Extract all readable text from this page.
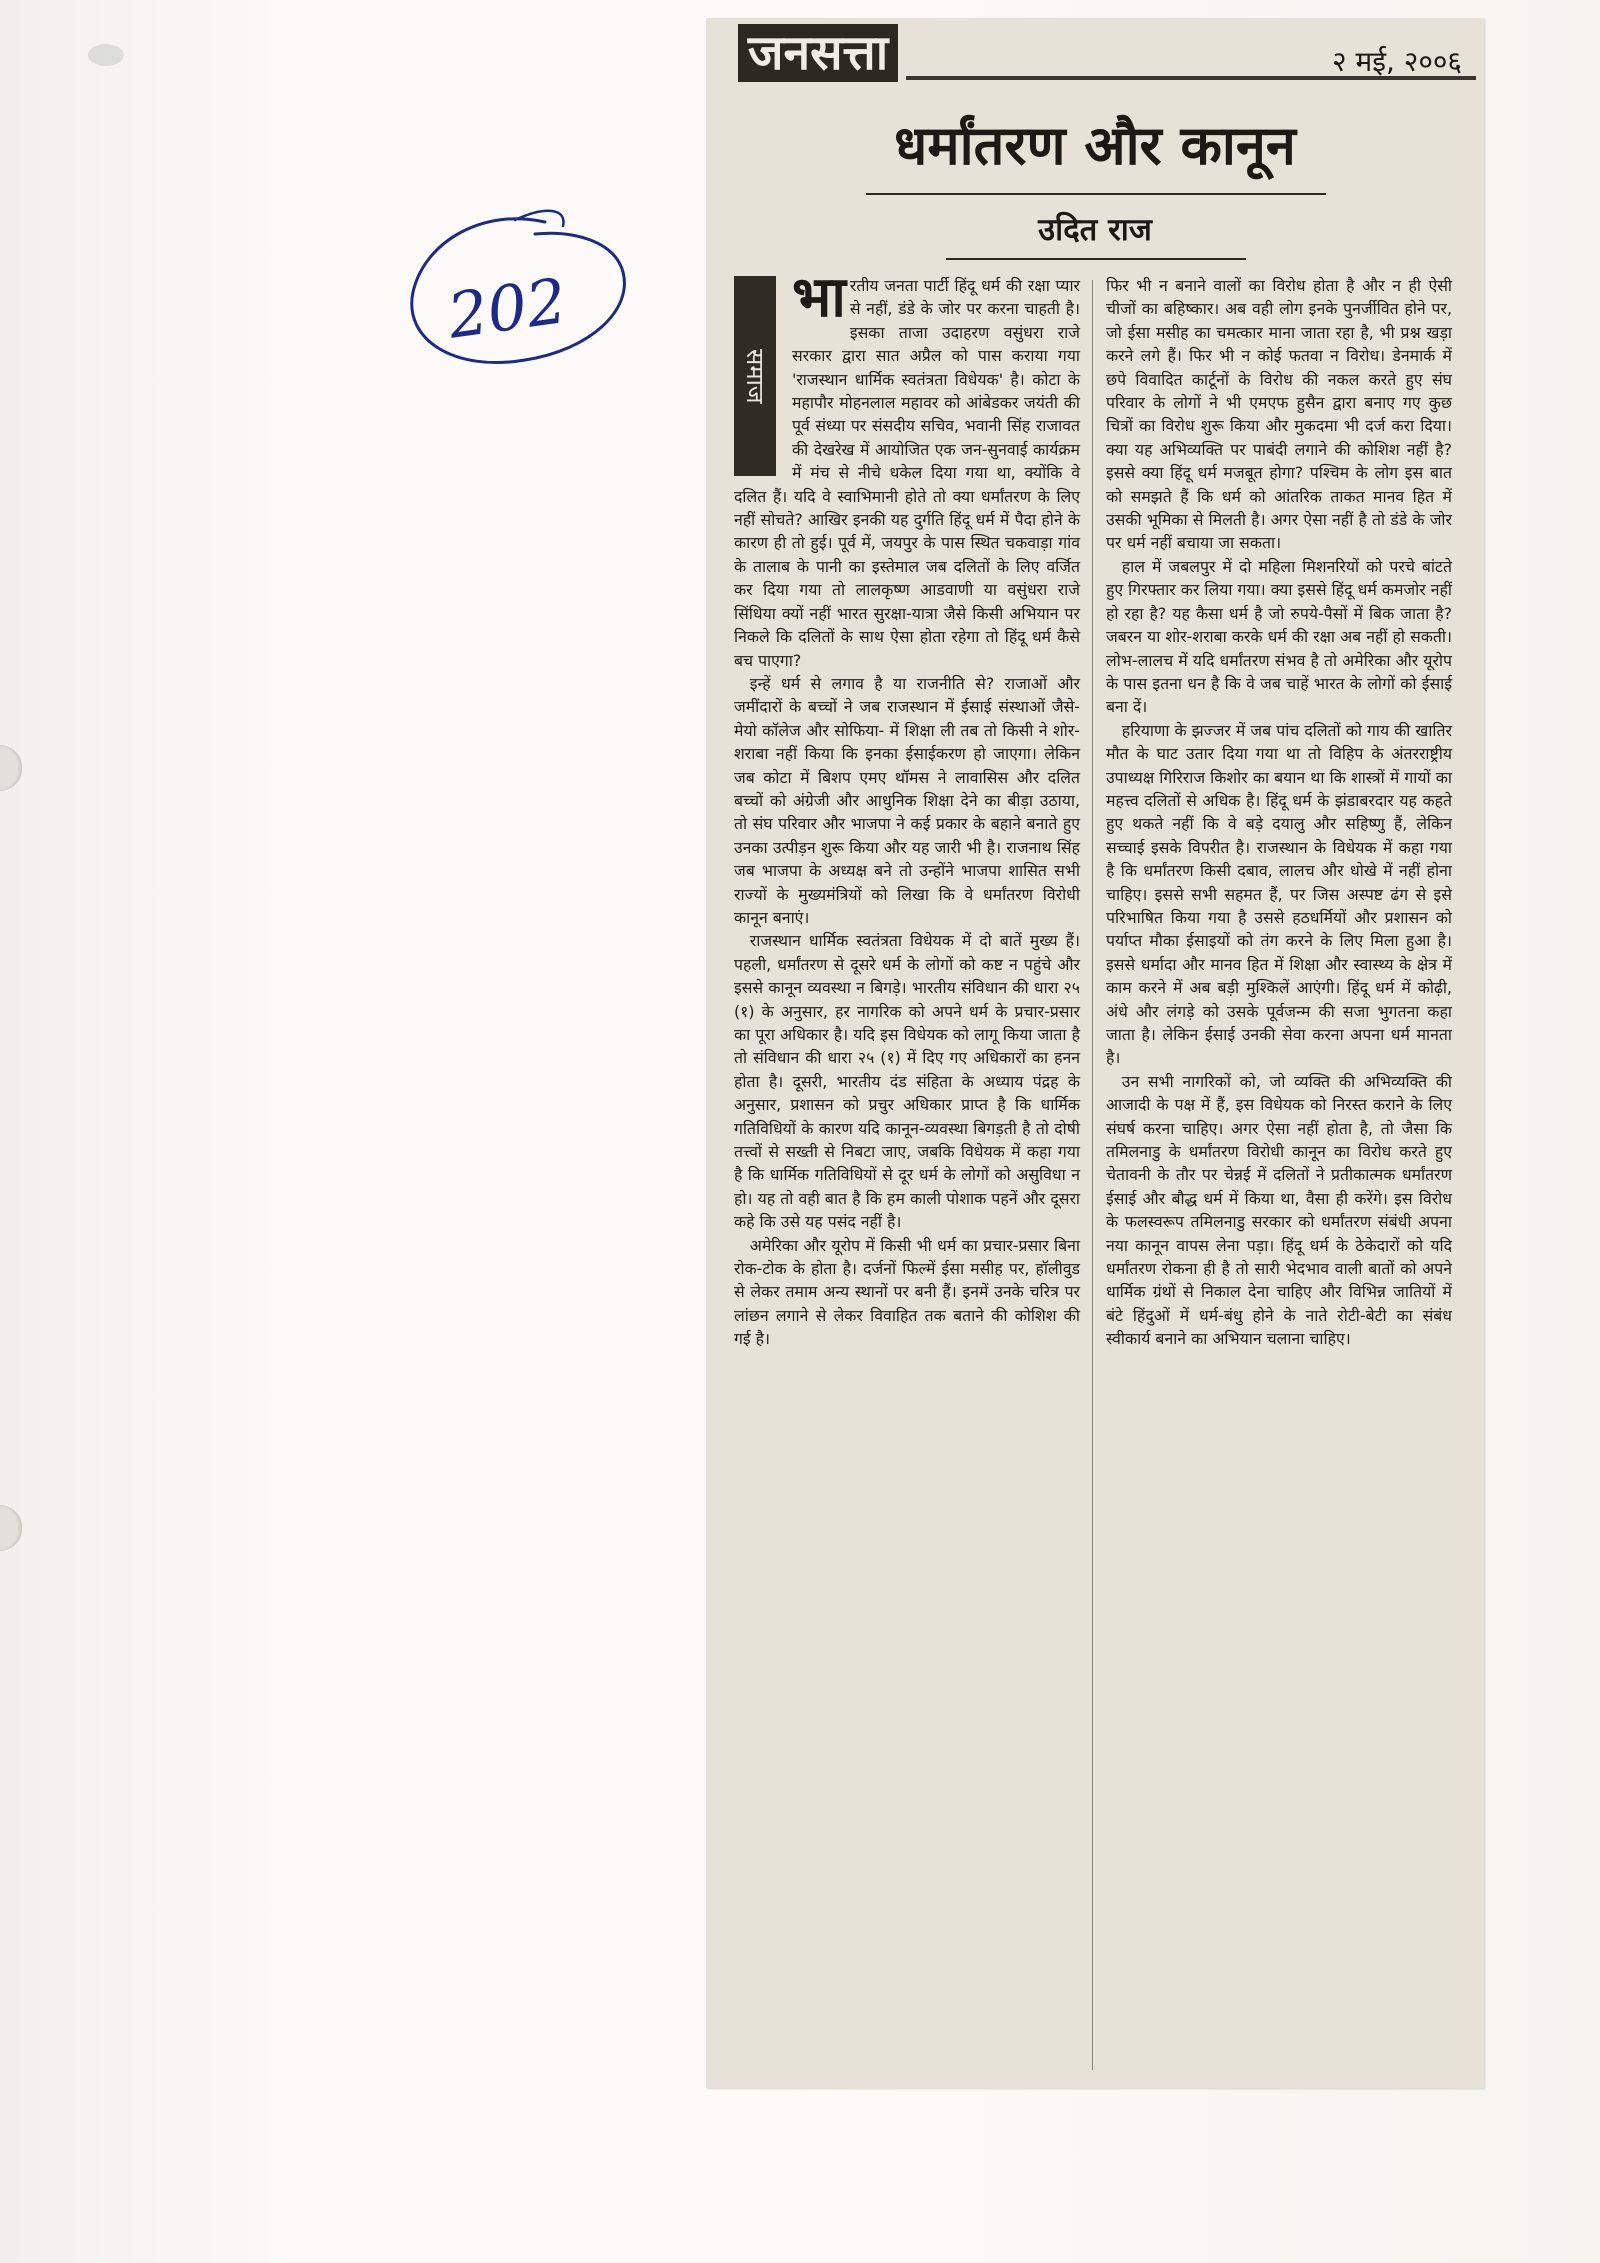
202
जनसत्ता	२ मई, २००६
धर्मांतरण और कानून
उदित राज
समाज

भारतीय जनता पार्टी हिंदू धर्म की रक्षा प्यार से नहीं, डंडे के जोर पर करना चाहती है। इसका ताजा उदाहरण वसुंधरा राजे सरकार द्वारा सात अप्रैल को पास कराया गया 'राजस्थान धार्मिक स्वतंत्रता विधेयक' है। कोटा के महापौर मोहनलाल महावर को आंबेडकर जयंती की पूर्व संध्या पर संसदीय सचिव, भवानी सिंह राजावत की देखरेख में आयोजित एक जन-सुनवाई कार्यक्रम में मंच से नीचे धकेल दिया गया था, क्योंकि वे दलित हैं। यदि वे स्वाभिमानी होते तो क्या धर्मांतरण के लिए नहीं सोचते? आखिर इनकी यह दुर्गति हिंदू धर्म में पैदा होने के कारण ही तो हुई। पूर्व में, जयपुर के पास स्थित चकवाड़ा गांव के तालाब के पानी का इस्तेमाल जब दलितों के लिए वर्जित कर दिया गया तो लालकृष्ण आडवाणी या वसुंधरा राजे सिंधिया क्यों नहीं भारत सुरक्षा-यात्रा जैसे किसी अभियान पर निकले कि दलितों के साथ ऐसा होता रहेगा तो हिंदू धर्म कैसे बच पाएगा?

इन्हें धर्म से लगाव है या राजनीति से? राजाओं और जमींदारों के बच्चों ने जब राजस्थान में ईसाई संस्थाओं जैसे- मेयो कॉलेज और सोफिया- में शिक्षा ली तब तो किसी ने शोर-शराबा नहीं किया कि इनका ईसाईकरण हो जाएगा। लेकिन जब कोटा में बिशप एमए थॉमस ने लावासिस और दलित बच्चों को अंग्रेजी और आधुनिक शिक्षा देने का बीड़ा उठाया, तो संघ परिवार और भाजपा ने कई प्रकार के बहाने बनाते हुए उनका उत्पीड़न शुरू किया और यह जारी भी है। राजनाथ सिंह जब भाजपा के अध्यक्ष बने तो उन्होंने भाजपा शासित सभी राज्यों के मुख्यमंत्रियों को लिखा कि वे धर्मांतरण विरोधी कानून बनाएं।

राजस्थान धार्मिक स्वतंत्रता विधेयक में दो बातें मुख्य हैं। पहली, धर्मांतरण से दूसरे धर्म के लोगों को कष्ट न पहुंचे और इससे कानून व्यवस्था न बिगड़े। भारतीय संविधान की धारा २५ (१) के अनुसार, हर नागरिक को अपने धर्म के प्रचार-प्रसार का पूरा अधिकार है। यदि इस विधेयक को लागू किया जाता है तो संविधान की धारा २५ (१) में दिए गए अधिकारों का हनन होता है। दूसरी, भारतीय दंड संहिता के अध्याय पंद्रह के अनुसार, प्रशासन को प्रचुर अधिकार प्राप्त है कि धार्मिक गतिविधियों के कारण यदि कानून-व्यवस्था बिगड़ती है तो दोषी तत्त्वों से सख्ती से निबटा जाए, जबकि विधेयक में कहा गया है कि धार्मिक गतिविधियों से दूर धर्म के लोगों को असुविधा न हो। यह तो वही बात है कि हम काली पोशाक पहनें और दूसरा कहे कि उसे यह पसंद नहीं है।

अमेरिका और यूरोप में किसी भी धर्म का प्रचार-प्रसार बिना रोक-टोक के होता है। दर्जनों फिल्में ईसा मसीह पर, हॉलीवुड से लेकर तमाम अन्य स्थानों पर बनी हैं। इनमें उनके चरित्र पर लांछन लगाने से लेकर विवाहित तक बताने की कोशिश की गई है।

फिर भी न बनाने वालों का विरोध होता है और न ही ऐसी चीजों का बहिष्कार। अब वही लोग इनके पुनर्जीवित होने पर, जो ईसा मसीह का चमत्कार माना जाता रहा है, भी प्रश्न खड़ा करने लगे हैं। फिर भी न कोई फतवा न विरोध। डेनमार्क में छपे विवादित कार्टूनों के विरोध की नकल करते हुए संघ परिवार के लोगों ने भी एमएफ हुसैन द्वारा बनाए गए कुछ चित्रों का विरोध शुरू किया और मुकदमा भी दर्ज करा दिया। क्या यह अभिव्यक्ति पर पाबंदी लगाने की कोशिश नहीं है? इससे क्या हिंदू धर्म मजबूत होगा? पश्चिम के लोग इस बात को समझते हैं कि धर्म को आंतरिक ताकत मानव हित में उसकी भूमिका से मिलती है। अगर ऐसा नहीं है तो डंडे के जोर पर धर्म नहीं बचाया जा सकता।

हाल में जबलपुर में दो महिला मिशनरियों को परचे बांटते हुए गिरफ्तार कर लिया गया। क्या इससे हिंदू धर्म कमजोर नहीं हो रहा है? यह कैसा धर्म है जो रुपये-पैसों में बिक जाता है? जबरन या शोर-शराबा करके धर्म की रक्षा अब नहीं हो सकती। लोभ-लालच में यदि धर्मांतरण संभव है तो अमेरिका और यूरोप के पास इतना धन है कि वे जब चाहें भारत के लोगों को ईसाई बना दें।

हरियाणा के झज्जर में जब पांच दलितों को गाय की खातिर मौत के घाट उतार दिया गया था तो विहिप के अंतरराष्ट्रीय उपाध्यक्ष गिरिराज किशोर का बयान था कि शास्त्रों में गायों का महत्त्व दलितों से अधिक है। हिंदू धर्म के झंडाबरदार यह कहते हुए थकते नहीं कि वे बड़े दयालु और सहिष्णु हैं, लेकिन सच्चाई इसके विपरीत है। राजस्थान के विधेयक में कहा गया है कि धर्मांतरण किसी दबाव, लालच और धोखे में नहीं होना चाहिए। इससे सभी सहमत हैं, पर जिस अस्पष्ट ढंग से इसे परिभाषित किया गया है उससे हठधर्मियों और प्रशासन को पर्याप्त मौका ईसाइयों को तंग करने के लिए मिला हुआ है। इससे धर्मादा और मानव हित में शिक्षा और स्वास्थ्य के क्षेत्र में काम करने में अब बड़ी मुश्किलें आएंगी। हिंदू धर्म में कोढ़ी, अंधे और लंगड़े को उसके पूर्वजन्म की सजा भुगतना कहा जाता है। लेकिन ईसाई उनकी सेवा करना अपना धर्म मानता है।

उन सभी नागरिकों को, जो व्यक्ति की अभिव्यक्ति की आजादी के पक्ष में हैं, इस विधेयक को निरस्त कराने के लिए संघर्ष करना चाहिए। अगर ऐसा नहीं होता है, तो जैसा कि तमिलनाडु के धर्मांतरण विरोधी कानून का विरोध करते हुए चेतावनी के तौर पर चेन्नई में दलितों ने प्रतीकात्मक धर्मांतरण ईसाई और बौद्ध धर्म में किया था, वैसा ही करेंगे। इस विरोध के फलस्वरूप तमिलनाडु सरकार को धर्मांतरण संबंधी अपना नया कानून वापस लेना पड़ा। हिंदू धर्म के ठेकेदारों को यदि धर्मांतरण रोकना ही है तो सारी भेदभाव वाली बातों को अपने धार्मिक ग्रंथों से निकाल देना चाहिए और विभिन्न जातियों में बंटे हिंदुओं में धर्म-बंधु होने के नाते रोटी-बेटी का संबंध स्वीकार्य बनाने का अभियान चलाना चाहिए।
